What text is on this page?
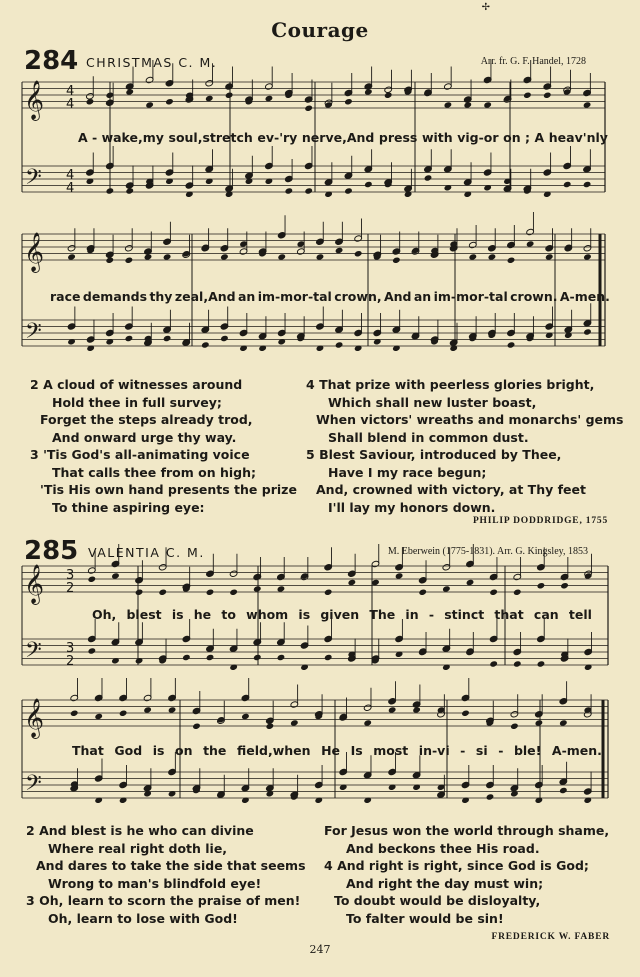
Courage
✢
284 CHRISTMAS C. M.	Arr. fr. G. F. Handel, 1728
𝄞
𝄢
4
4
4
4
𝄞
𝄢
𝄞
𝄢
3
2
3
2
𝄞
𝄢
A - wake,my soul,stretch ev-'ry nerve,And press with vig-or on ; A heav'nly
race demands thy zeal,And an im-mor-tal crown, And an im-mor-tal crown. A-men.
2 A cloud of witnesses around
Hold thee in full survey;
Forget the steps already trod,
And onward urge thy way.
3 'Tis God's all-animating voice
That calls thee from on high;
'Tis His own hand presents the prize
To thine aspiring eye:
4 That prize with peerless glories bright,
Which shall new luster boast,
When victors' wreaths and monarchs' gems
Shall blend in common dust.
5 Blest Saviour, introduced by Thee,
Have I my race begun;
And, crowned with victory, at Thy feet
I'll lay my honors down.
PHILIP DODDRIDGE, 1755
285 VALENTIA C. M.	M. Eberwein (1775-1831). Arr. G. Kingsley, 1853
Oh, blest is he to whom is given The in - stinct that can tell
That God is on the field,when He Is most in-vi - si - ble! A-men.
2 And blest is he who can divine
Where real right doth lie,
And dares to take the side that seems
Wrong to man's blindfold eye!
3 Oh, learn to scorn the praise of men!
Oh, learn to lose with God!
For Jesus won the world through shame,
And beckons thee His road.
4 And right is right, since God is God;
And right the day must win;
To doubt would be disloyalty,
To falter would be sin!
FREDERICK W. FABER
247
